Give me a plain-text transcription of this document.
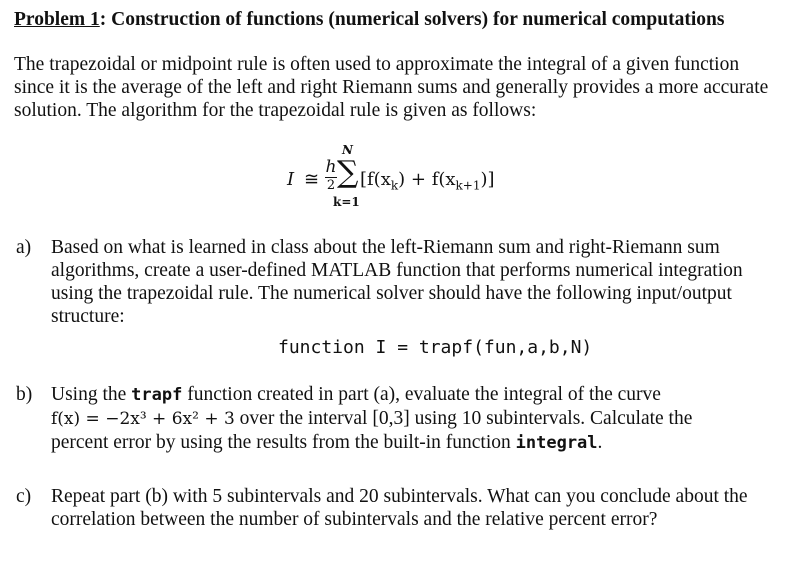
Problem 1: Construction of functions (numerical solvers) for numerical computations
The trapezoidal or midpoint rule is often used to approximate the integral of a given function
since it is the average of the left and right Riemann sums and generally provides a more accurate
solution. The algorithm for the trapezoidal rule is given as follows:
I ≅
h
2
N
∑
k=1
$[f(x_k) + f(x_{k+1})]$
a) Based on what is learned in class about the left-Riemann sum and right-Riemann sum
algorithms, create a user-defined MATLAB function that performs numerical integration
using the trapezoidal rule. The numerical solver should have the following input/output
structure:
function I = trapf(fun,a,b,N)
b) Using the trapf function created in part (a), evaluate the integral of the curve
f(x) = −2x³ + 6x² + 3 over the interval [0,3] using 10 subintervals. Calculate the
percent error by using the results from the built-in function integral.
c) Repeat part (b) with 5 subintervals and 20 subintervals. What can you conclude about the
correlation between the number of subintervals and the relative percent error?
